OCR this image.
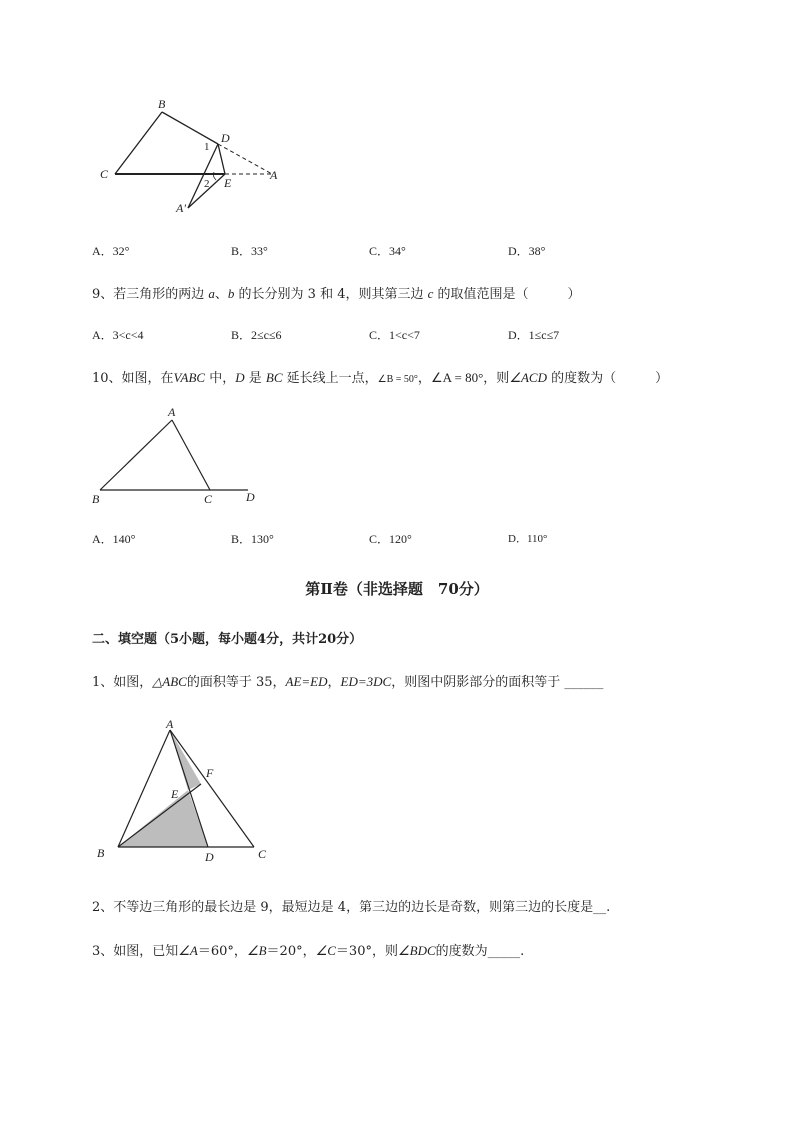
B
C
D
A
E
A'
1
2
A．32°	B．33°	C．34°	D．38°
9、若三角形的两边 a、b 的长分别为 3 和 4，则其第三边 c 的取值范围是（　　　）
A．3<c<4	B．2≤c≤6	C．1<c<7	D．1≤c≤7
10、如图，在VABC 中，D 是 BC 延长线上一点，∠B = 50°，∠A = 80°，则∠ACD 的度数为（　　　）
A
B	C	D
A．140°	B．130°	C．120°	D．110°
第Ⅱ卷（非选择题　70分）
二、填空题（5小题，每小题4分，共计20分）
1、如图，△ABC的面积等于 35，AE=ED，ED=3DC，则图中阴影部分的面积等于 ______
A
B	C
D
E
F
2、不等边三角形的最长边是 9，最短边是 4，第三边的边长是奇数，则第三边的长度是__.
3、如图，已知∠A＝60°，∠B＝20°，∠C＝30°，则∠BDC的度数为_____.
